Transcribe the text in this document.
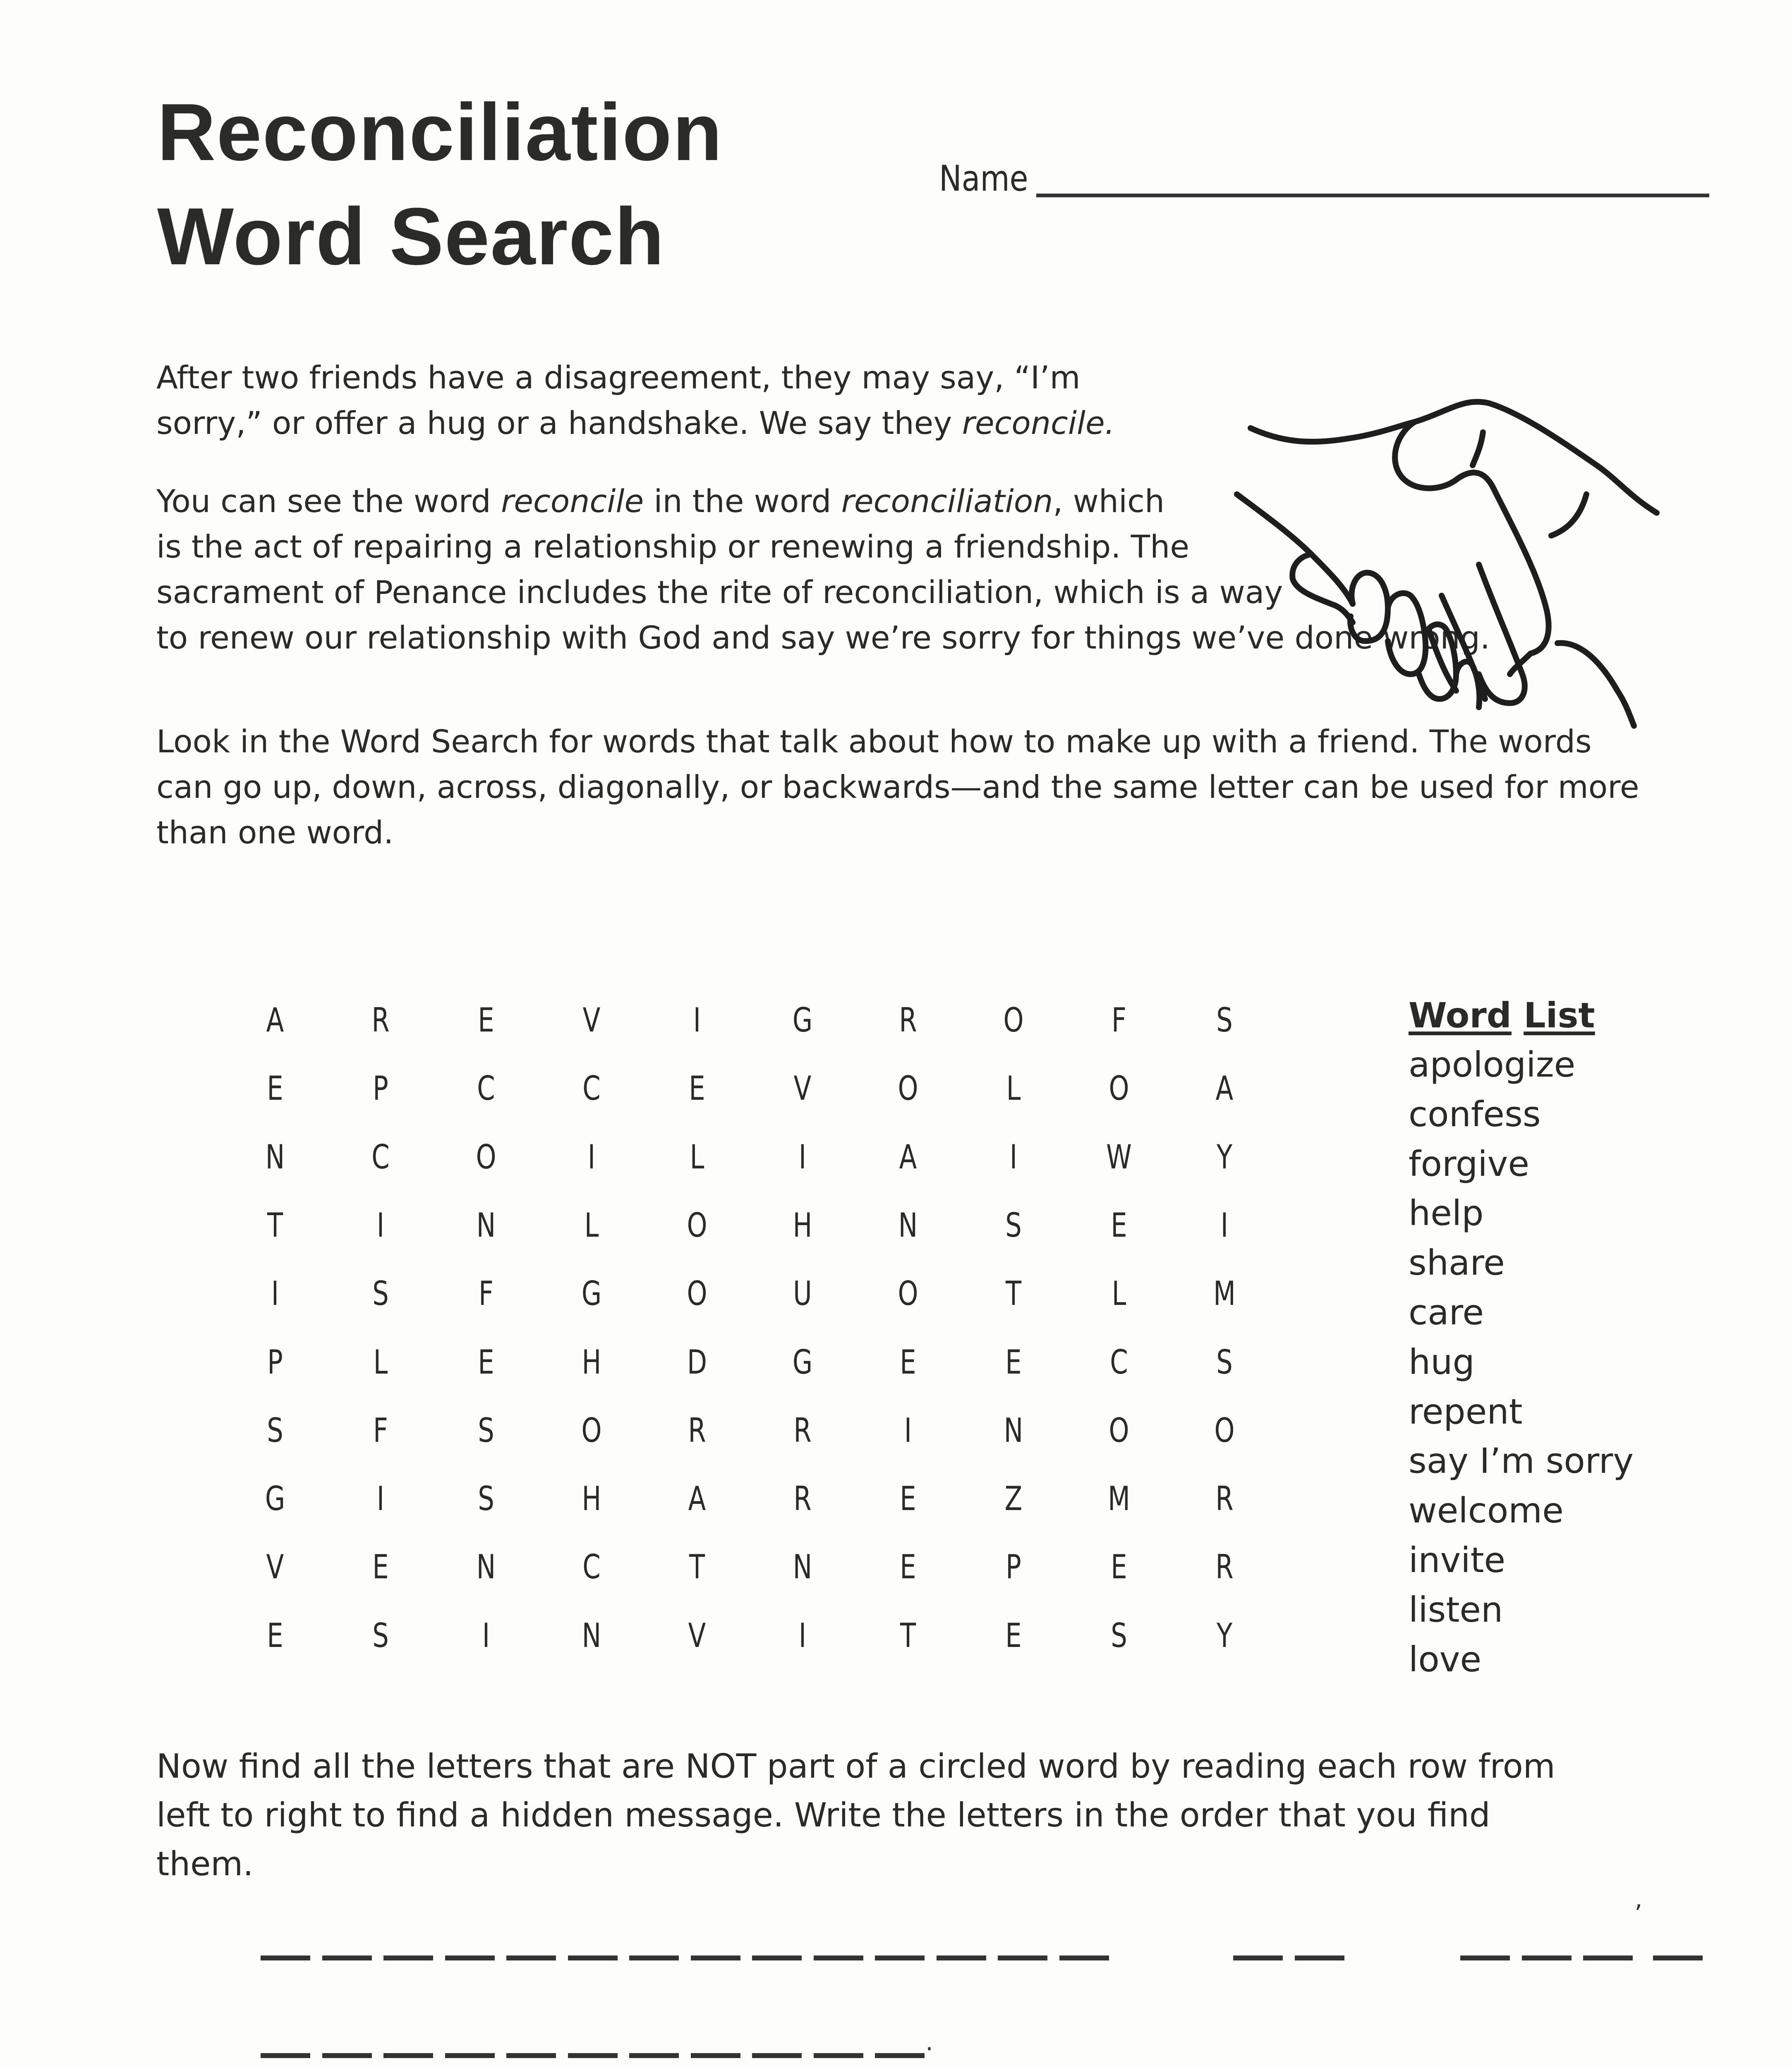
Reconciliation
Word Search
Name
After two friends have a disagreement, they may say, “I’m
sorry,” or offer a hug or a handshake. We say they reconcile.
You can see the word reconcile in the word reconciliation, which
is the act of repairing a relationship or renewing a friendship. The
sacrament of Penance includes the rite of reconciliation, which is a way
to renew our relationship with God and say we’re sorry for things we’ve done wrong.
Look in the Word Search for words that talk about how to make up with a friend. The words
can go up, down, across, diagonally, or backwards—and the same letter can be used for more
than one word.
A	R	E	V	I	G	R	O	F	S
E	P	C	C	E	V	O	L	O	A
N	C	O	I	L	I	A	I	W	Y
T	I	N	L	O	H	N	S	E	I
I	S	F	G	O	U	O	T	L	M
P	L	E	H	D	G	E	E	C	S
S	F	S	O	R	R	I	N	O	O
G	I	S	H	A	R	E	Z	M	R
V	E	N	C	T	N	E	P	E	R
E	S	I	N	V	I	T	E	S	Y
Word List
apologize
confess
forgive
help
share
care
hug
repent
say I’m sorry
welcome
invite
listen
love
Now find all the letters that are NOT part of a circled word by reading each row from
left to right to find a hidden message. Write the letters in the order that you find
them.
’
.
